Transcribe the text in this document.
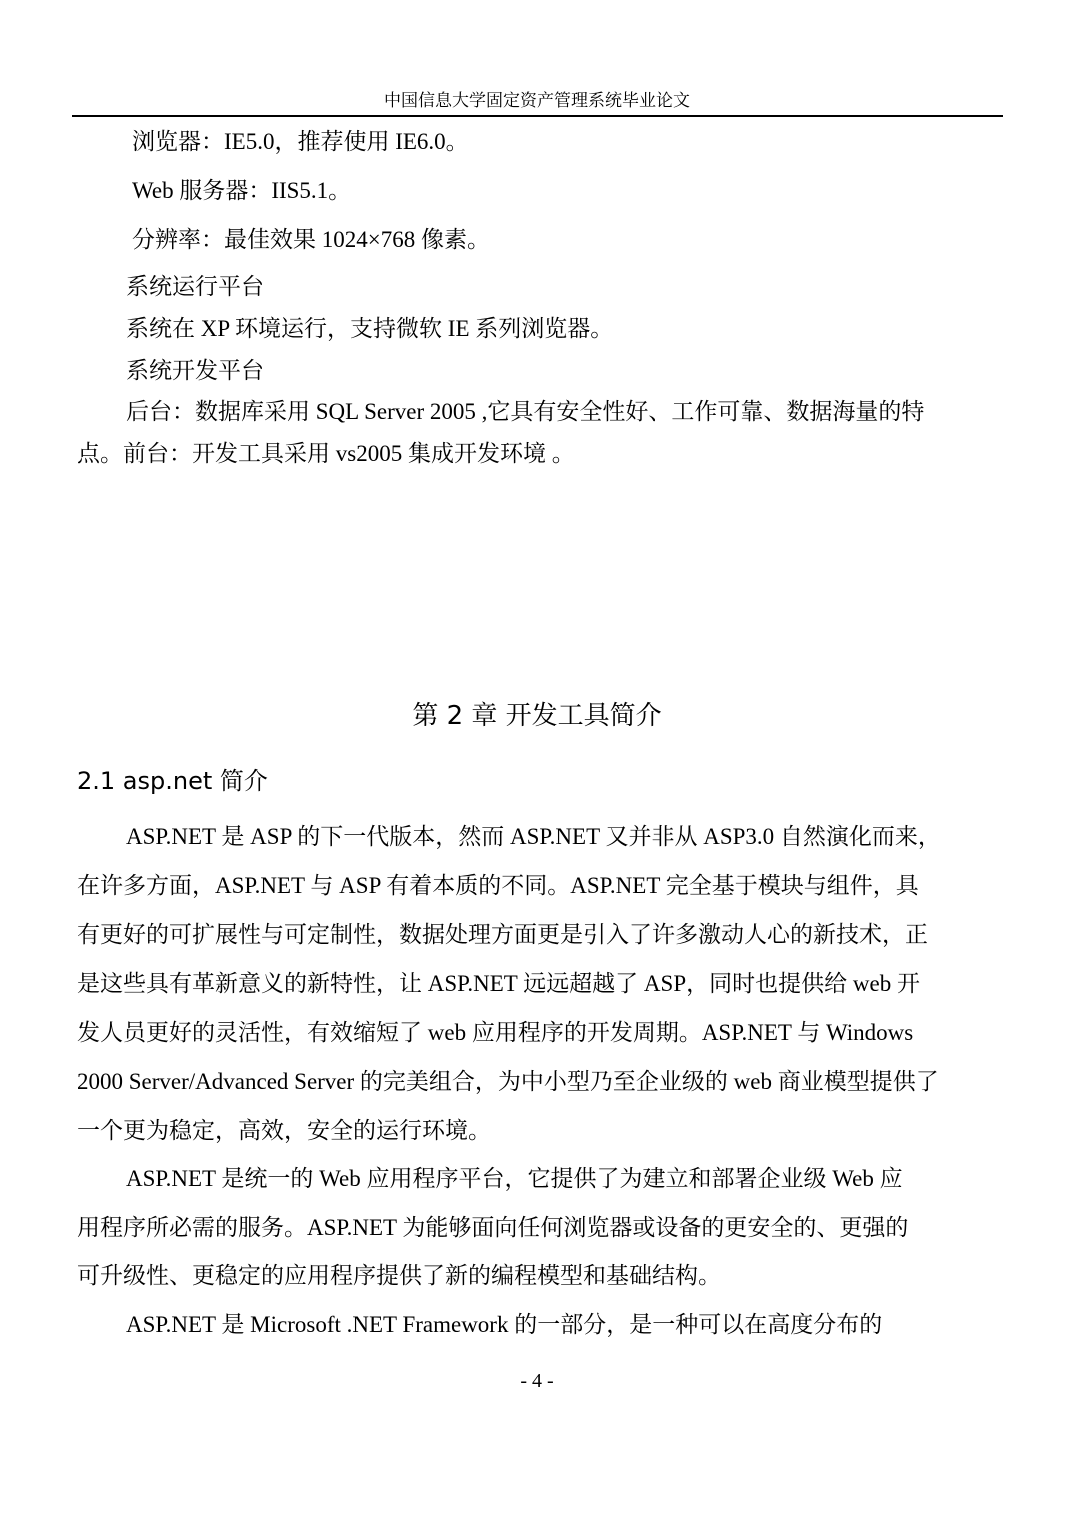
中国信息大学固定资产管理系统毕业论文
浏览器：IE5.0，推荐使用 IE6.0。
Web 服务器：IIS5.1。
分辨率：最佳效果 1024×768 像素。
系统运行平台
系统在 XP 环境运行，支持微软 IE 系列浏览器。
系统开发平台
后台：数据库采用 SQL Server 2005 ,它具有安全性好、工作可靠、数据海量的特
点。前台：开发工具采用 vs2005 集成开发环境 。
第 2 章 开发工具简介
2.1 asp.net 简介
ASP.NET 是 ASP 的下一代版本，然而 ASP.NET 又并非从 ASP3.0 自然演化而来，
在许多方面，ASP.NET 与 ASP 有着本质的不同。ASP.NET 完全基于模块与组件，具
有更好的可扩展性与可定制性，数据处理方面更是引入了许多激动人心的新技术，正
是这些具有革新意义的新特性，让 ASP.NET 远远超越了 ASP，同时也提供给 web 开
发人员更好的灵活性，有效缩短了 web 应用程序的开发周期。ASP.NET 与 Windows
2000 Server/Advanced Server 的完美组合，为中小型乃至企业级的 web 商业模型提供了
一个更为稳定，高效，安全的运行环境。
ASP.NET 是统一的 Web 应用程序平台，它提供了为建立和部署企业级 Web 应
用程序所必需的服务。ASP.NET 为能够面向任何浏览器或设备的更安全的、更强的
可升级性、更稳定的应用程序提供了新的编程模型和基础结构。
ASP.NET 是 Microsoft .NET Framework 的一部分，是一种可以在高度分布的
- 4 -
